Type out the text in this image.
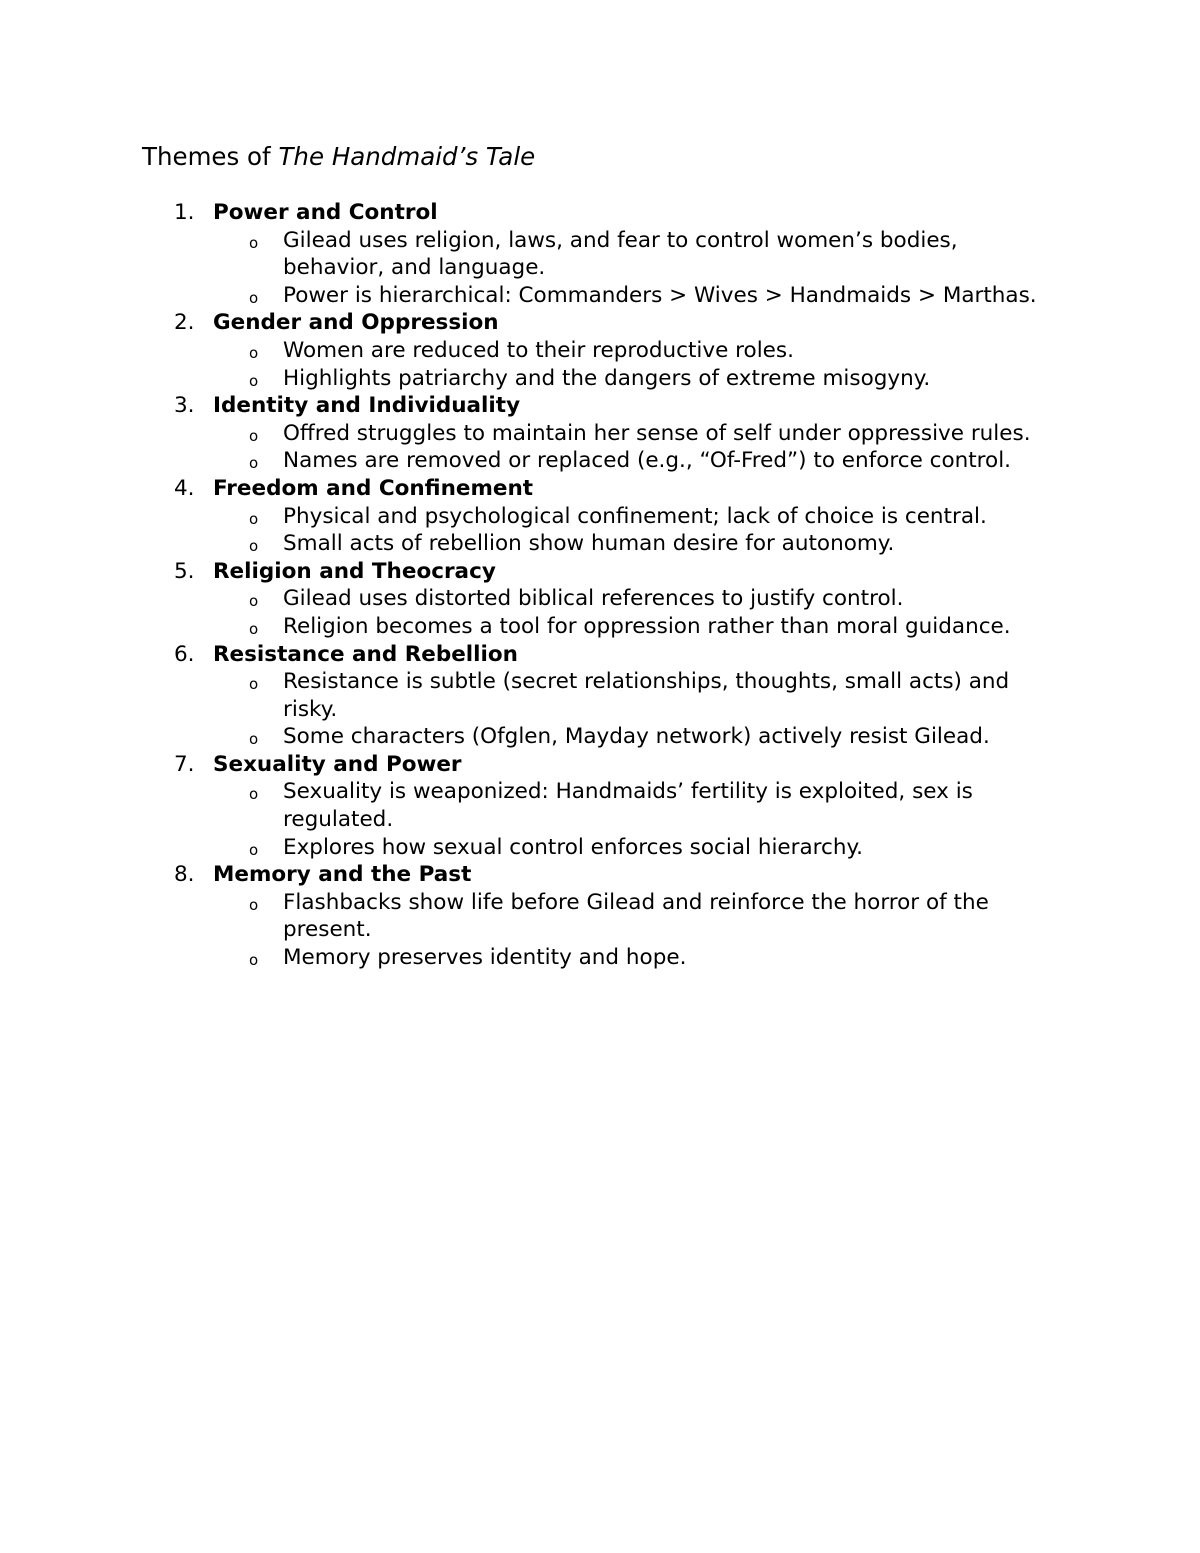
Themes of The Handmaid’s Tale
1. Power and Control
o Gilead uses religion, laws, and fear to control women’s bodies, behavior, and language.
o Power is hierarchical: Commanders > Wives > Handmaids > Marthas.
2. Gender and Oppression
o Women are reduced to their reproductive roles.
o Highlights patriarchy and the dangers of extreme misogyny.
3. Identity and Individuality
o Offred struggles to maintain her sense of self under oppressive rules.
o Names are removed or replaced (e.g., “Of-Fred”) to enforce control.
4. Freedom and Confinement
o Physical and psychological confinement; lack of choice is central.
o Small acts of rebellion show human desire for autonomy.
5. Religion and Theocracy
o Gilead uses distorted biblical references to justify control.
o Religion becomes a tool for oppression rather than moral guidance.
6. Resistance and Rebellion
o Resistance is subtle (secret relationships, thoughts, small acts) and risky.
o Some characters (Ofglen, Mayday network) actively resist Gilead.
7. Sexuality and Power
o Sexuality is weaponized: Handmaids’ fertility is exploited, sex is regulated.
o Explores how sexual control enforces social hierarchy.
8. Memory and the Past
o Flashbacks show life before Gilead and reinforce the horror of the present.
o Memory preserves identity and hope.
